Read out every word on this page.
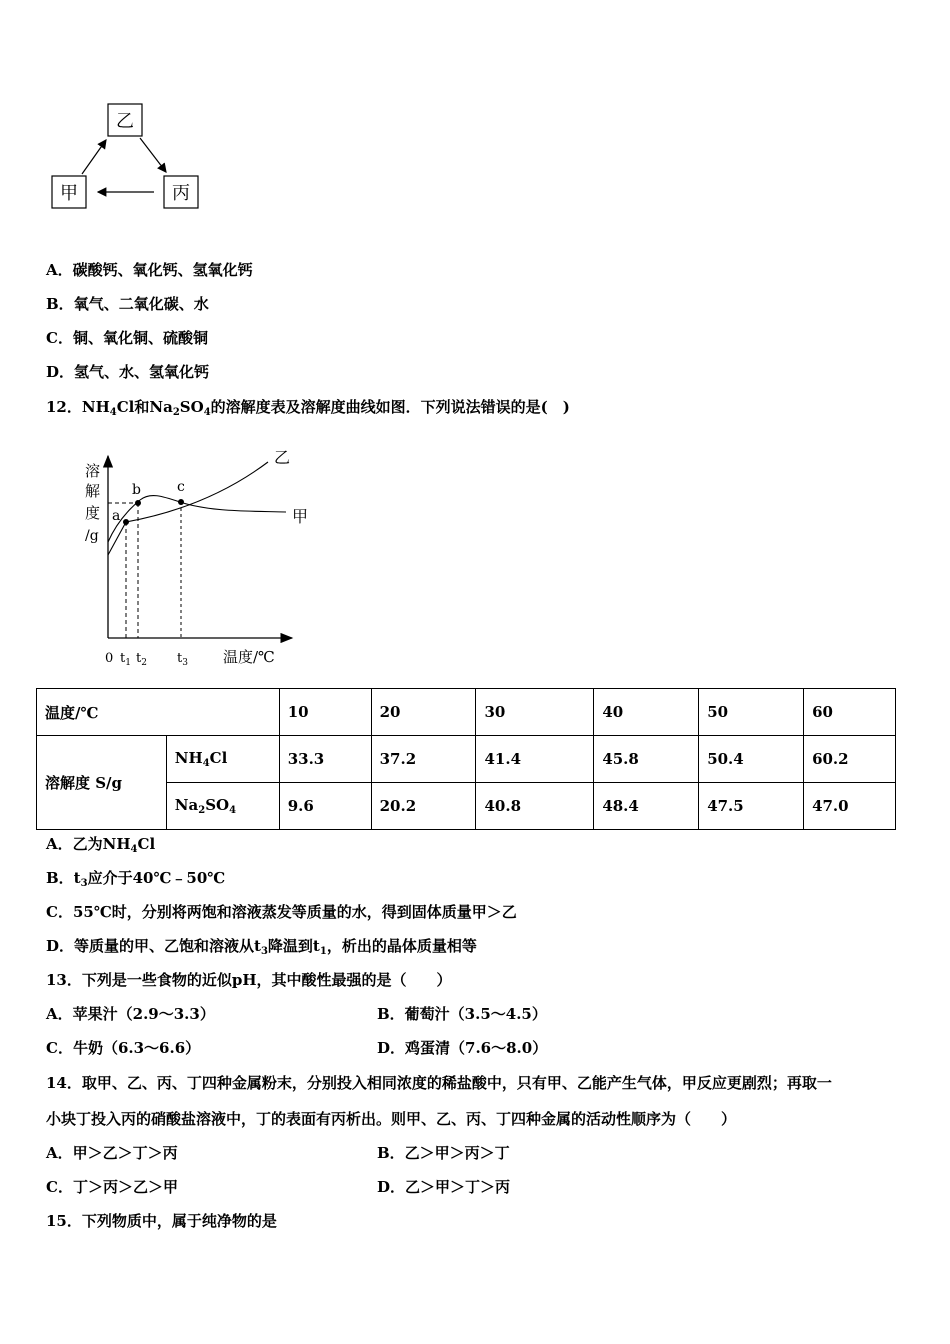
乙
甲	丙
A．碳酸钙、氧化钙、氢氧化钙
B．氧气、二氧化碳、水
C．铜、氧化铜、硫酸铜
D．氢气、水、氢氧化钙
12．$NH_4Cl$和$Na_2SO_4$的溶解度表及溶解度曲线如图．下列说法错误的是(　)
溶
解
度
/g
a
b	c
乙
甲
0 $t_1$ $t_2$ $t_3$ 温度/℃
温度/℃		10	20	30	40	50	60
溶解度 S/g	$NH_4Cl$	33.3	37.2	41.4	45.8	50.4	60.2
	$Na_2SO_4$	9.6	20.2	40.8	48.4	47.5	47.0
A．乙为$NH_4Cl$
B．$t_3$应介于40℃﹣50℃
C．55℃时，分别将两饱和溶液蒸发等质量的水，得到固体质量甲＞乙
D．等质量的甲、乙饱和溶液从$t_3$降温到$t_1$，析出的晶体质量相等
13．下列是一些食物的近似pH，其中酸性最强的是（　　）
A．苹果汁（2.9～3.3）	B．葡萄汁（3.5～4.5）
C．牛奶（6.3～6.6）	D．鸡蛋清（7.6～8.0）
14．取甲、乙、丙、丁四种金属粉末，分别投入相同浓度的稀盐酸中，只有甲、乙能产生气体，甲反应更剧烈；再取一
小块丁投入丙的硝酸盐溶液中，丁的表面有丙析出。则甲、乙、丙、丁四种金属的活动性顺序为（　　）
A．甲＞乙＞丁＞丙	B．乙＞甲＞丙＞丁
C．丁＞丙＞乙＞甲	D．乙＞甲＞丁＞丙
15．下列物质中，属于纯净物的是
